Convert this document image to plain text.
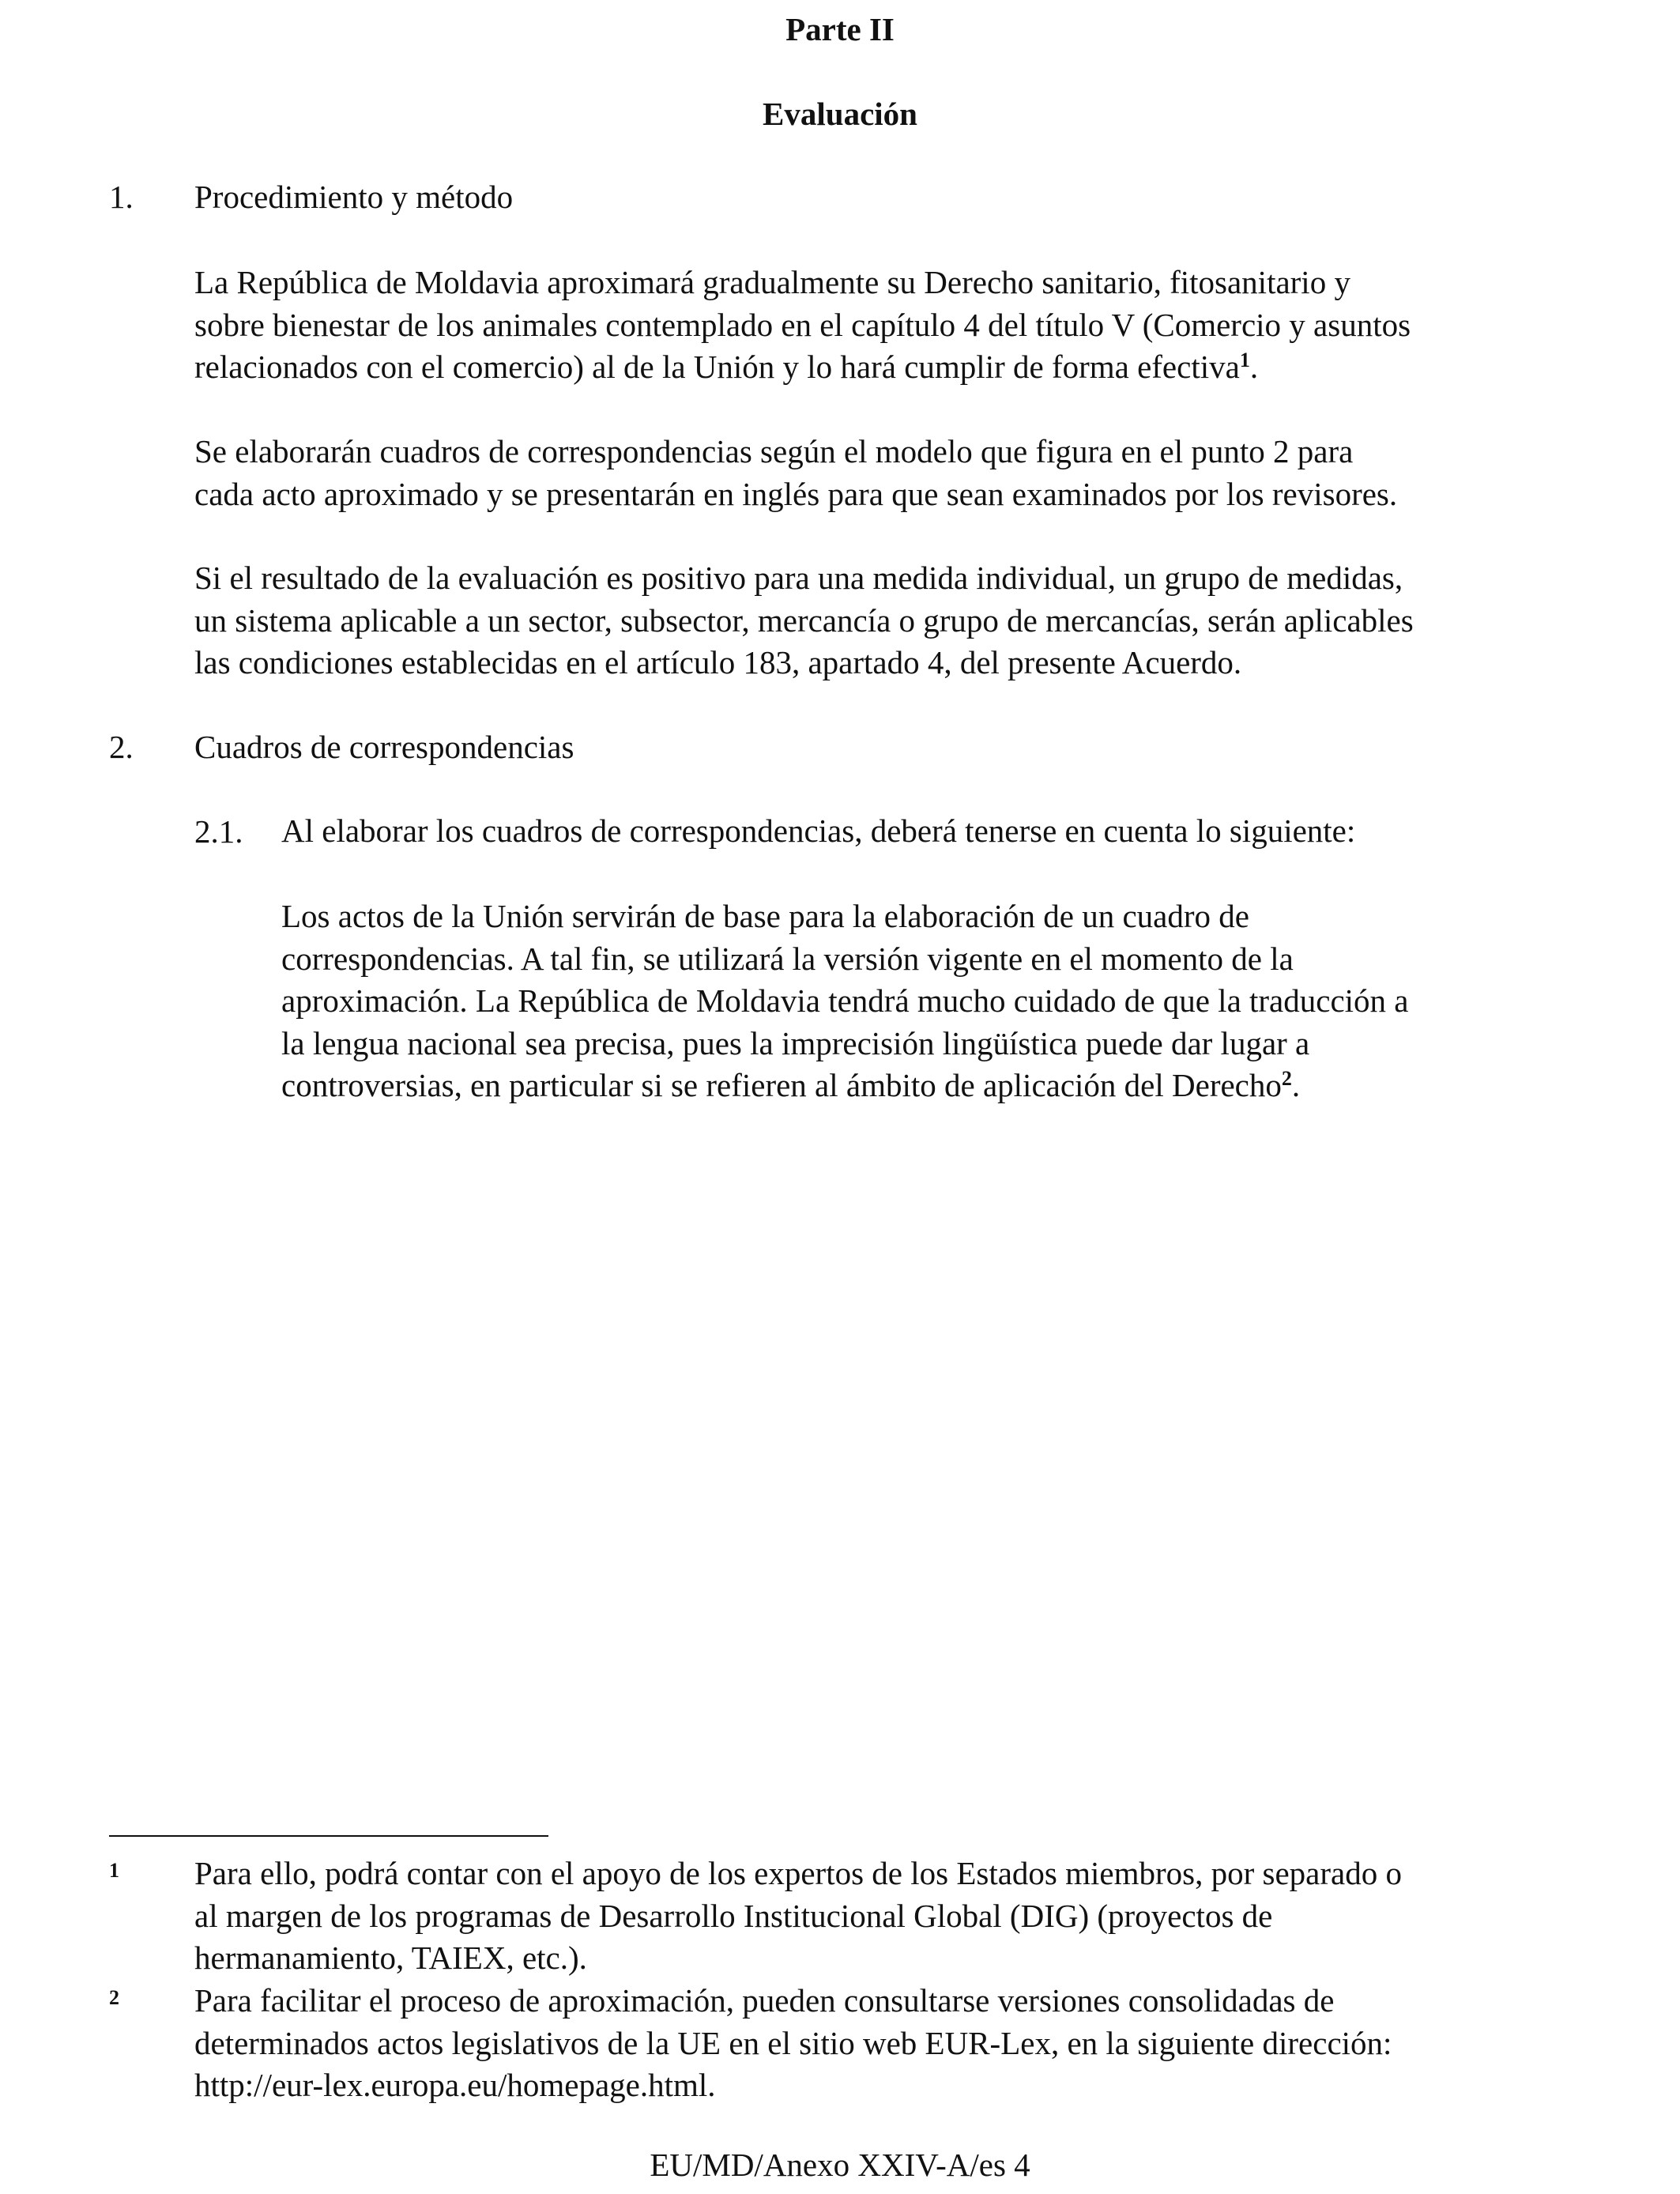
Parte II
Evaluación
1. Procedimiento y método

La República de Moldavia aproximará gradualmente su Derecho sanitario, fitosanitario y
sobre bienestar de los animales contemplado en el capítulo 4 del título V (Comercio y asuntos
relacionados con el comercio) al de la Unión y lo hará cumplir de forma efectiva$^1$.

Se elaborarán cuadros de correspondencias según el modelo que figura en el punto 2 para
cada acto aproximado y se presentarán en inglés para que sean examinados por los revisores.

Si el resultado de la evaluación es positivo para una medida individual, un grupo de medidas,
un sistema aplicable a un sector, subsector, mercancía o grupo de mercancías, serán aplicables
las condiciones establecidas en el artículo 183, apartado 4, del presente Acuerdo.

2. Cuadros de correspondencias
2.1. Al elaborar los cuadros de correspondencias, deberá tenerse en cuenta lo siguiente:

Los actos de la Unión servirán de base para la elaboración de un cuadro de
correspondencias. A tal fin, se utilizará la versión vigente en el momento de la
aproximación. La República de Moldavia tendrá mucho cuidado de que la traducción a
la lengua nacional sea precisa, pues la imprecisión lingüística puede dar lugar a
controversias, en particular si se refieren al ámbito de aplicación del Derecho$^2$.

1 Para ello, podrá contar con el apoyo de los expertos de los Estados miembros, por separado o
al margen de los programas de Desarrollo Institucional Global (DIG) (proyectos de
hermanamiento, TAIEX, etc.).

2 Para facilitar el proceso de aproximación, pueden consultarse versiones consolidadas de
determinados actos legislativos de la UE en el sitio web EUR-Lex, en la siguiente dirección:
http://eur-lex.europa.eu/homepage.html.

EU/MD/Anexo XXIV-A/es 4
